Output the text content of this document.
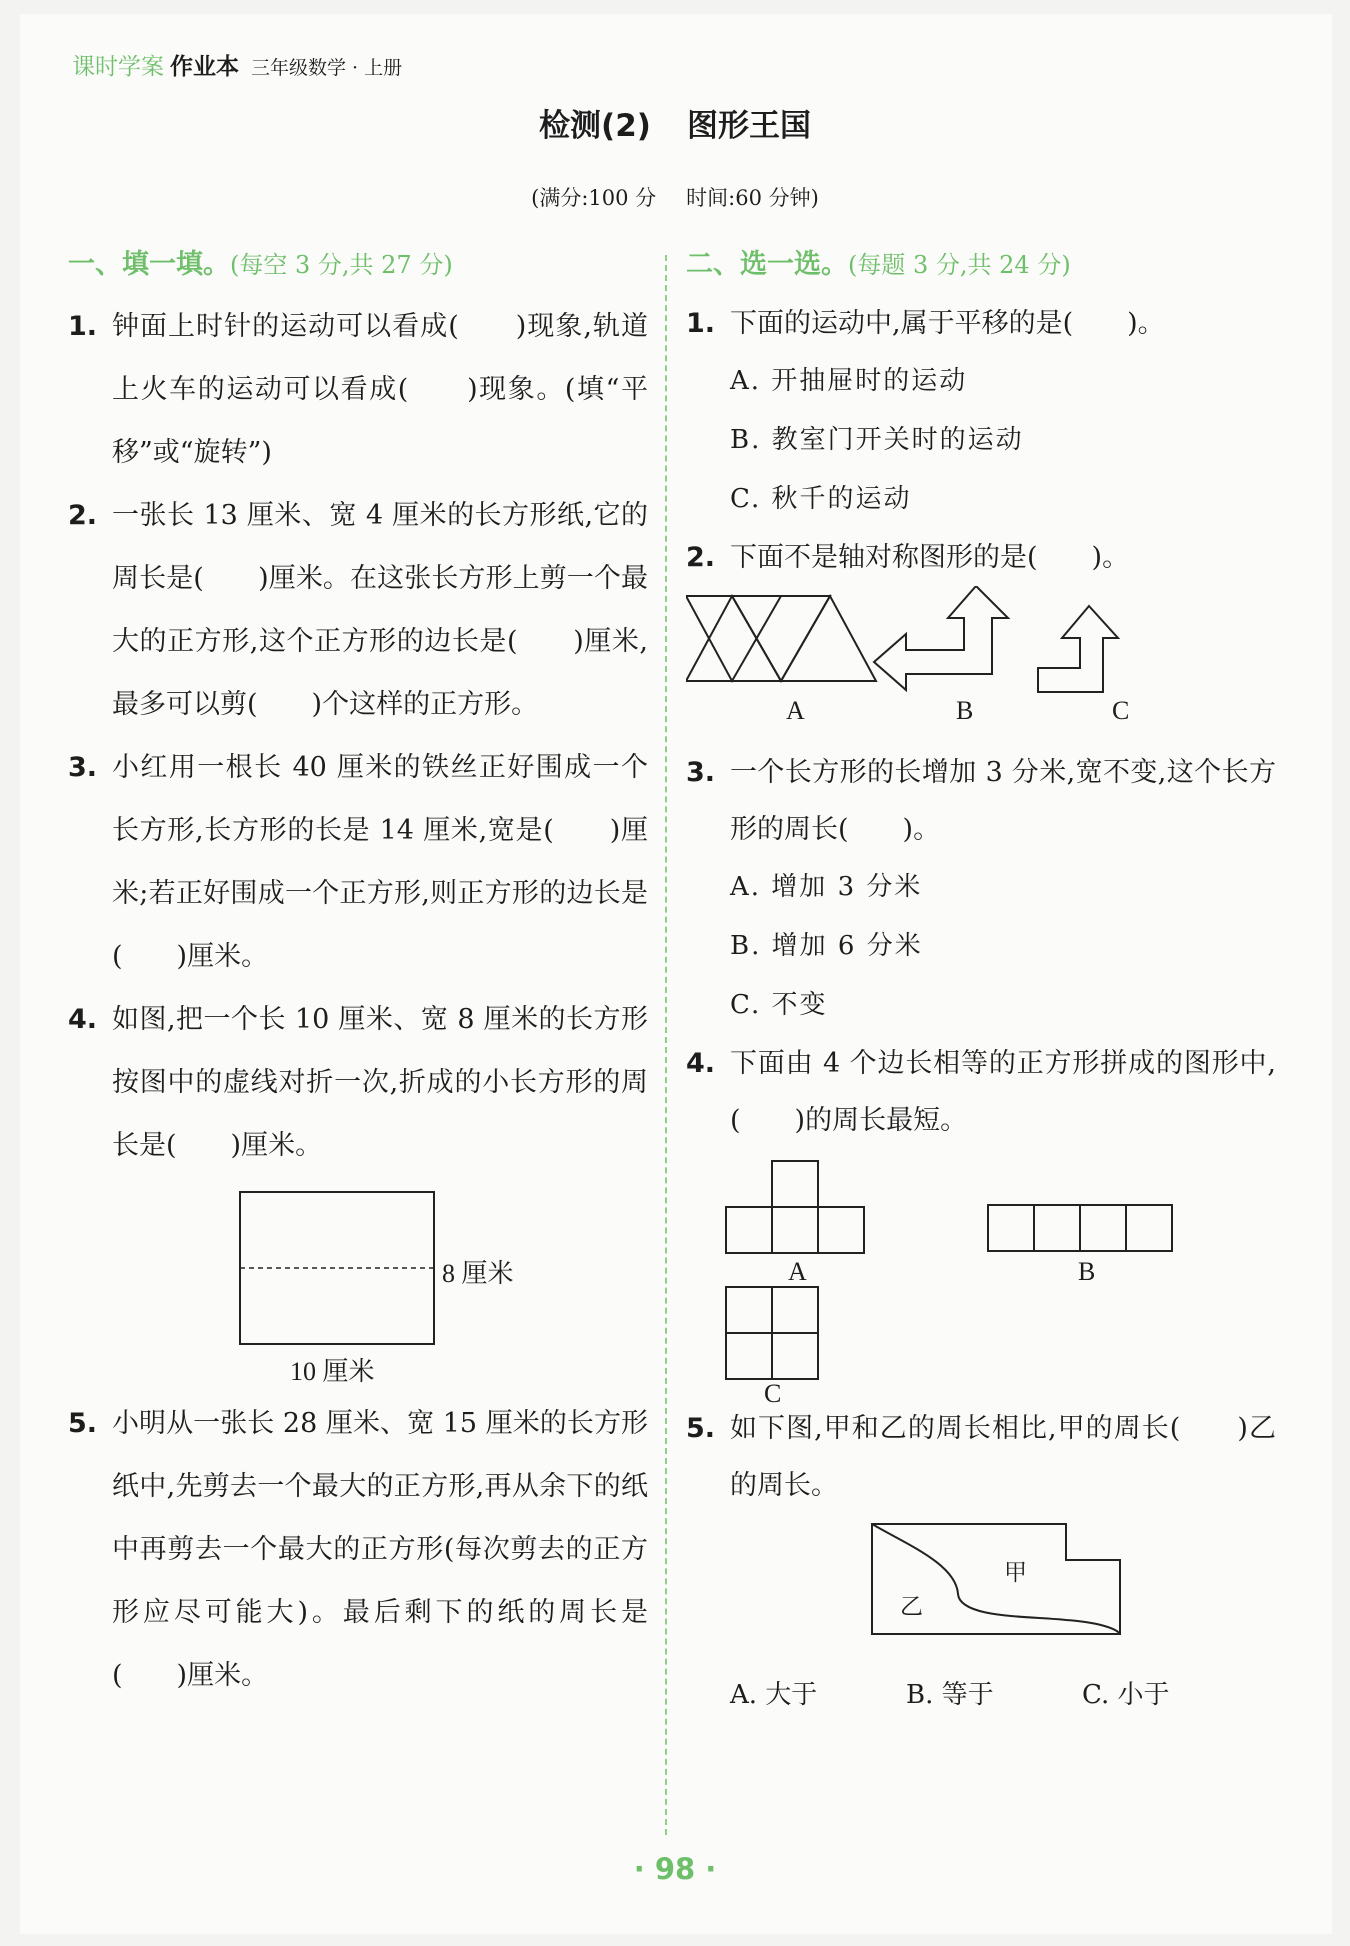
课时学案 作业本 三年级数学 · 上册
检测(2) 图形王国
(满分:100 分 时间:60 分钟)
一、填一填。(每空 3 分,共 27 分)
1. 钟面上时针的运动可以看成(　　)现象,轨道上火车的运动可以看成(　　)现象。(填“平移”或“旋转”)
2. 一张长 13 厘米、宽 4 厘米的长方形纸,它的周长是(　　)厘米。在这张长方形上剪一个最大的正方形,这个正方形的边长是(　　)厘米,最多可以剪(　　)个这样的正方形。
3. 小红用一根长 40 厘米的铁丝正好围成一个长方形,长方形的长是 14 厘米,宽是(　　)厘米;若正好围成一个正方形,则正方形的边长是(　　)厘米。
4. 如图,把一个长 10 厘米、宽 8 厘米的长方形按图中的虚线对折一次,折成的小长方形的周长是(　　)厘米。
8 厘米
10 厘米
5. 小明从一张长 28 厘米、宽 15 厘米的长方形纸中,先剪去一个最大的正方形,再从余下的纸中再剪去一个最大的正方形(每次剪去的正方形应尽可能大)。最后剩下的纸的周长是(　　)厘米。
二、选一选。(每题 3 分,共 24 分)
1. 下面的运动中,属于平移的是(　　)。
A. 开抽屉时的运动
B. 教室门开关时的运动
C. 秋千的运动
2. 下面不是轴对称图形的是(　　)。
A	B	C
3. 一个长方形的长增加 3 分米,宽不变,这个长方形的周长(　　)。
A. 增加 3 分米
B. 增加 6 分米
C. 不变
4. 下面由 4 个边长相等的正方形拼成的图形中,(　　)的周长最短。
A	B
C
5. 如下图,甲和乙的周长相比,甲的周长(　　)乙的周长。
甲
乙
A. 大于	B. 等于	C. 小于
· 98 ·
